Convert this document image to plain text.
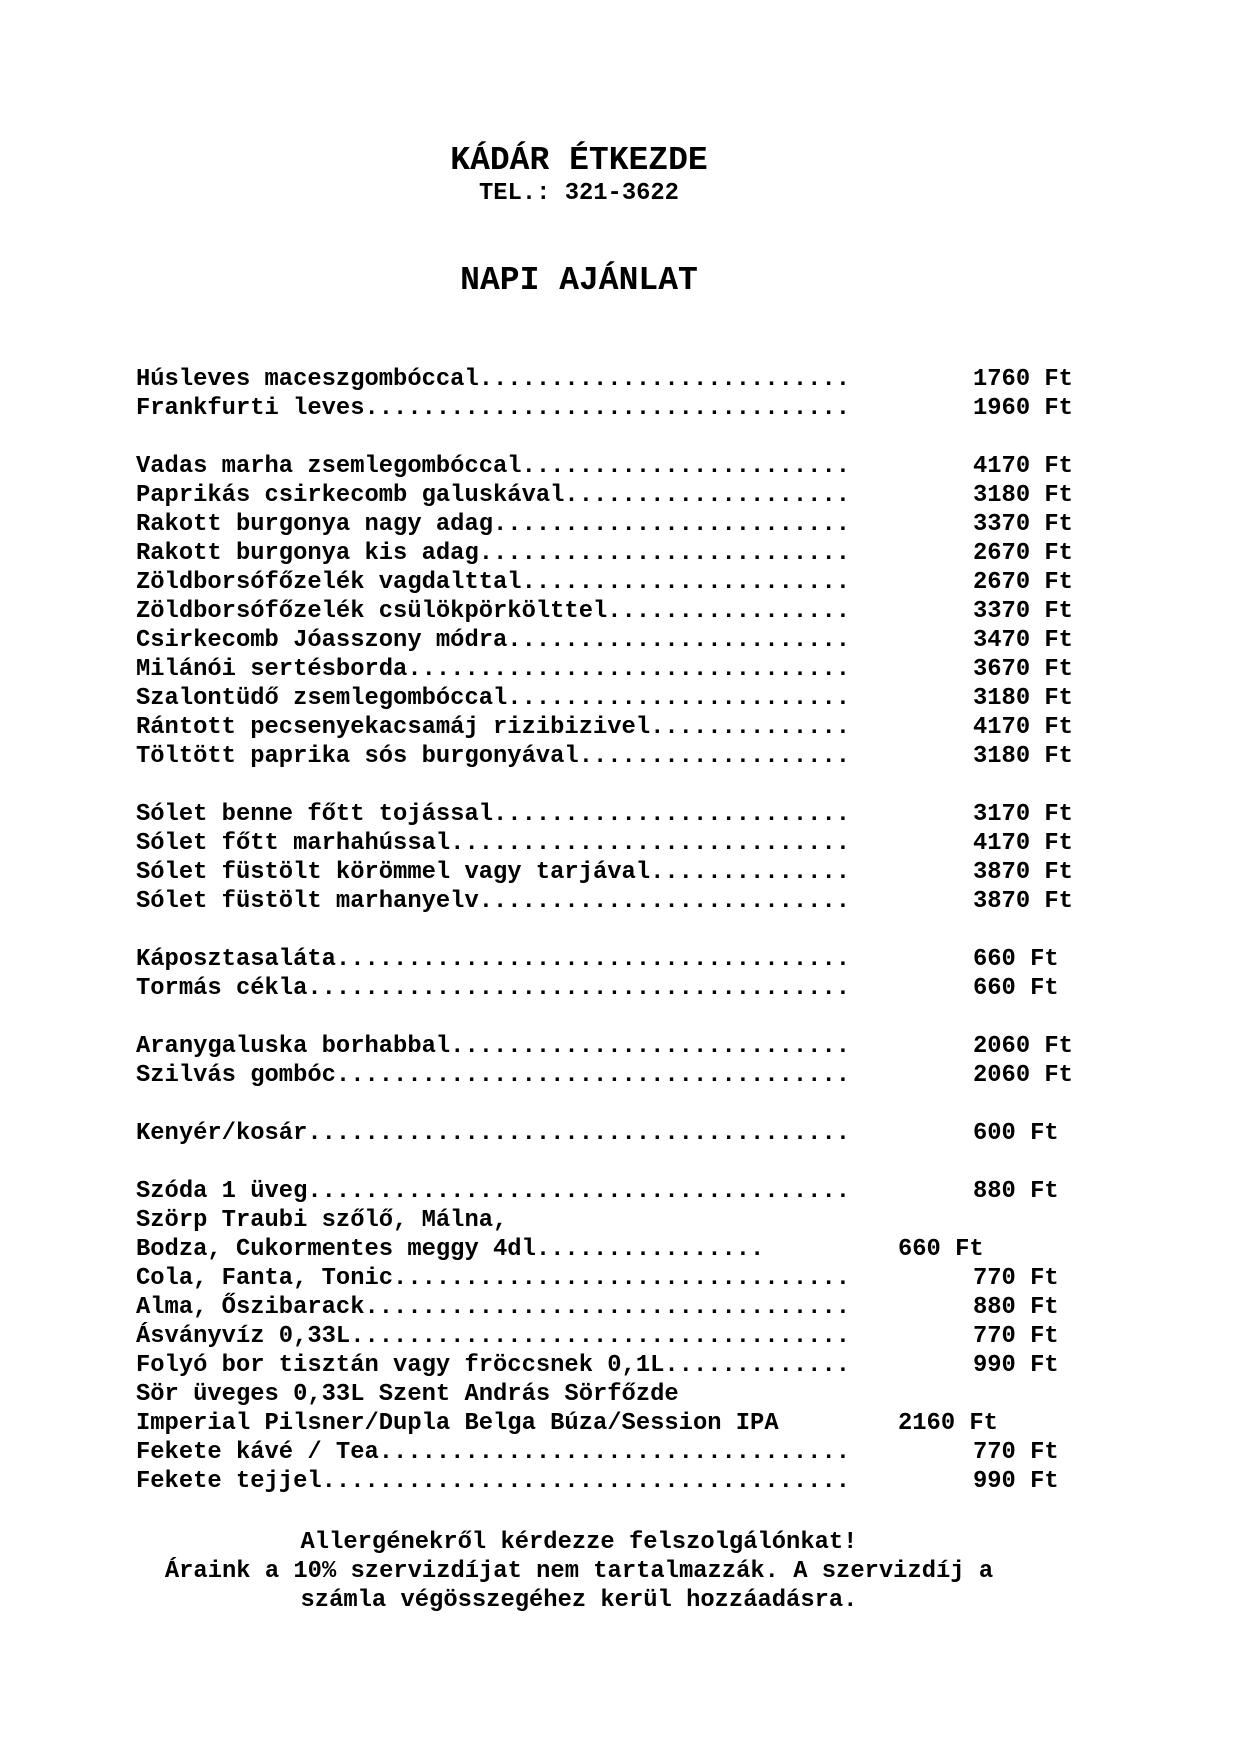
KÁDÁR ÉTKEZDE
TEL.: 321-3622
NAPI AJÁNLAT
Húsleves maceszgombóccal..........................	1760 Ft
Frankfurti leves..................................	1960 Ft
Vadas marha zsemlegombóccal.......................	4170 Ft
Paprikás csirkecomb galuskával....................	3180 Ft
Rakott burgonya nagy adag.........................	3370 Ft
Rakott burgonya kis adag..........................	2670 Ft
Zöldborsófőzelék vagdalttal.......................	2670 Ft
Zöldborsófőzelék csülökpörkölttel.................	3370 Ft
Csirkecomb Jóasszony módra........................	3470 Ft
Milánói sertésborda...............................	3670 Ft
Szalontüdő zsemlegombóccal........................	3180 Ft
Rántott pecsenyekacsamáj rizibizivel..............	4170 Ft
Töltött paprika sós burgonyával...................	3180 Ft
Sólet benne főtt tojással.........................	3170 Ft
Sólet főtt marhahússal............................	4170 Ft
Sólet füstölt körömmel vagy tarjával..............	3870 Ft
Sólet füstölt marhanyelv..........................	3870 Ft
Káposztasaláta....................................	660 Ft
Tormás cékla......................................	660 Ft
Aranygaluska borhabbal............................	2060 Ft
Szilvás gombóc....................................	2060 Ft
Kenyér/kosár......................................	600 Ft
Szóda 1 üveg......................................	880 Ft
Szörp Traubi szőlő, Málna,
Bodza, Cukormentes meggy 4dl................	660 Ft
Cola, Fanta, Tonic................................	770 Ft
Alma, Őszibarack..................................	880 Ft
Ásványvíz 0,33L...................................	770 Ft
Folyó bor tisztán vagy fröccsnek 0,1L.............	990 Ft
Sör üveges 0,33L Szent András Sörfőzde
Imperial Pilsner/Dupla Belga Búza/Session IPA	2160 Ft
Fekete kávé / Tea.................................	770 Ft
Fekete tejjel.....................................	990 Ft
Allergénekről kérdezze felszolgálónkat!
Áraink a 10% szervizdíjat nem tartalmazzák. A szervizdíj a
számla végösszegéhez kerül hozzáadásra.
